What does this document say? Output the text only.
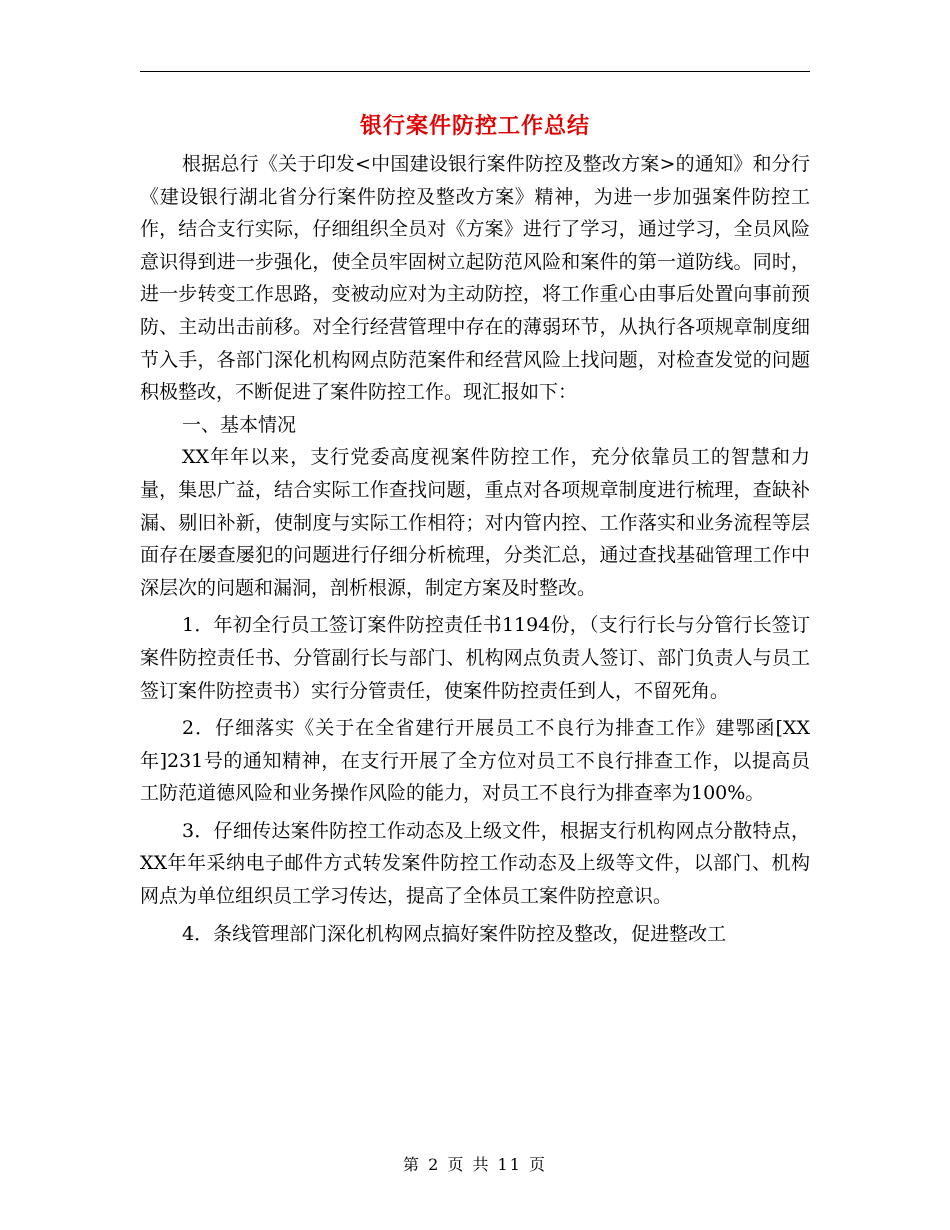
银行案件防控工作总结

根据总行《关于印发<中国建设银行案件防控及整改方案>的通知》和分行《建设银行湖北省分行案件防控及整改方案》精神，为进一步加强案件防控工作，结合支行实际，仔细组织全员对《方案》进行了学习，通过学习，全员风险意识得到进一步强化，使全员牢固树立起防范风险和案件的第一道防线。同时，进一步转变工作思路，变被动应对为主动防控，将工作重心由事后处置向事前预防、主动出击前移。对全行经营管理中存在的薄弱环节，从执行各项规章制度细节入手，各部门深化机构网点防范案件和经营风险上找问题，对检查发觉的问题积极整改，不断促进了案件防控工作。现汇报如下：

一、基本情况

XX年年以来，支行党委高度视案件防控工作，充分依靠员工的智慧和力量，集思广益，结合实际工作查找问题，重点对各项规章制度进行梳理，查缺补漏、剔旧补新，使制度与实际工作相符；对内管内控、工作落实和业务流程等层面存在屡查屡犯的问题进行仔细分析梳理，分类汇总，通过查找基础管理工作中深层次的问题和漏洞，剖析根源，制定方案及时整改。

1．年初全行员工签订案件防控责任书1194份，（支行行长与分管行长签订案件防控责任书、分管副行长与部门、机构网点负责人签订、部门负责人与员工签订案件防控责书）实行分管责任，使案件防控责任到人，不留死角。

2．仔细落实《关于在全省建行开展员工不良行为排查工作》建鄂函[XX年]231号的通知精神，在支行开展了全方位对员工不良行排查工作，以提高员工防范道德风险和业务操作风险的能力，对员工不良行为排查率为100%。

3．仔细传达案件防控工作动态及上级文件，根据支行机构网点分散特点，XX年年采纳电子邮件方式转发案件防控工作动态及上级等文件，以部门、机构网点为单位组织员工学习传达，提高了全体员工案件防控意识。

4．条线管理部门深化机构网点搞好案件防控及整改，促进整改工

第 2 页 共 11 页
